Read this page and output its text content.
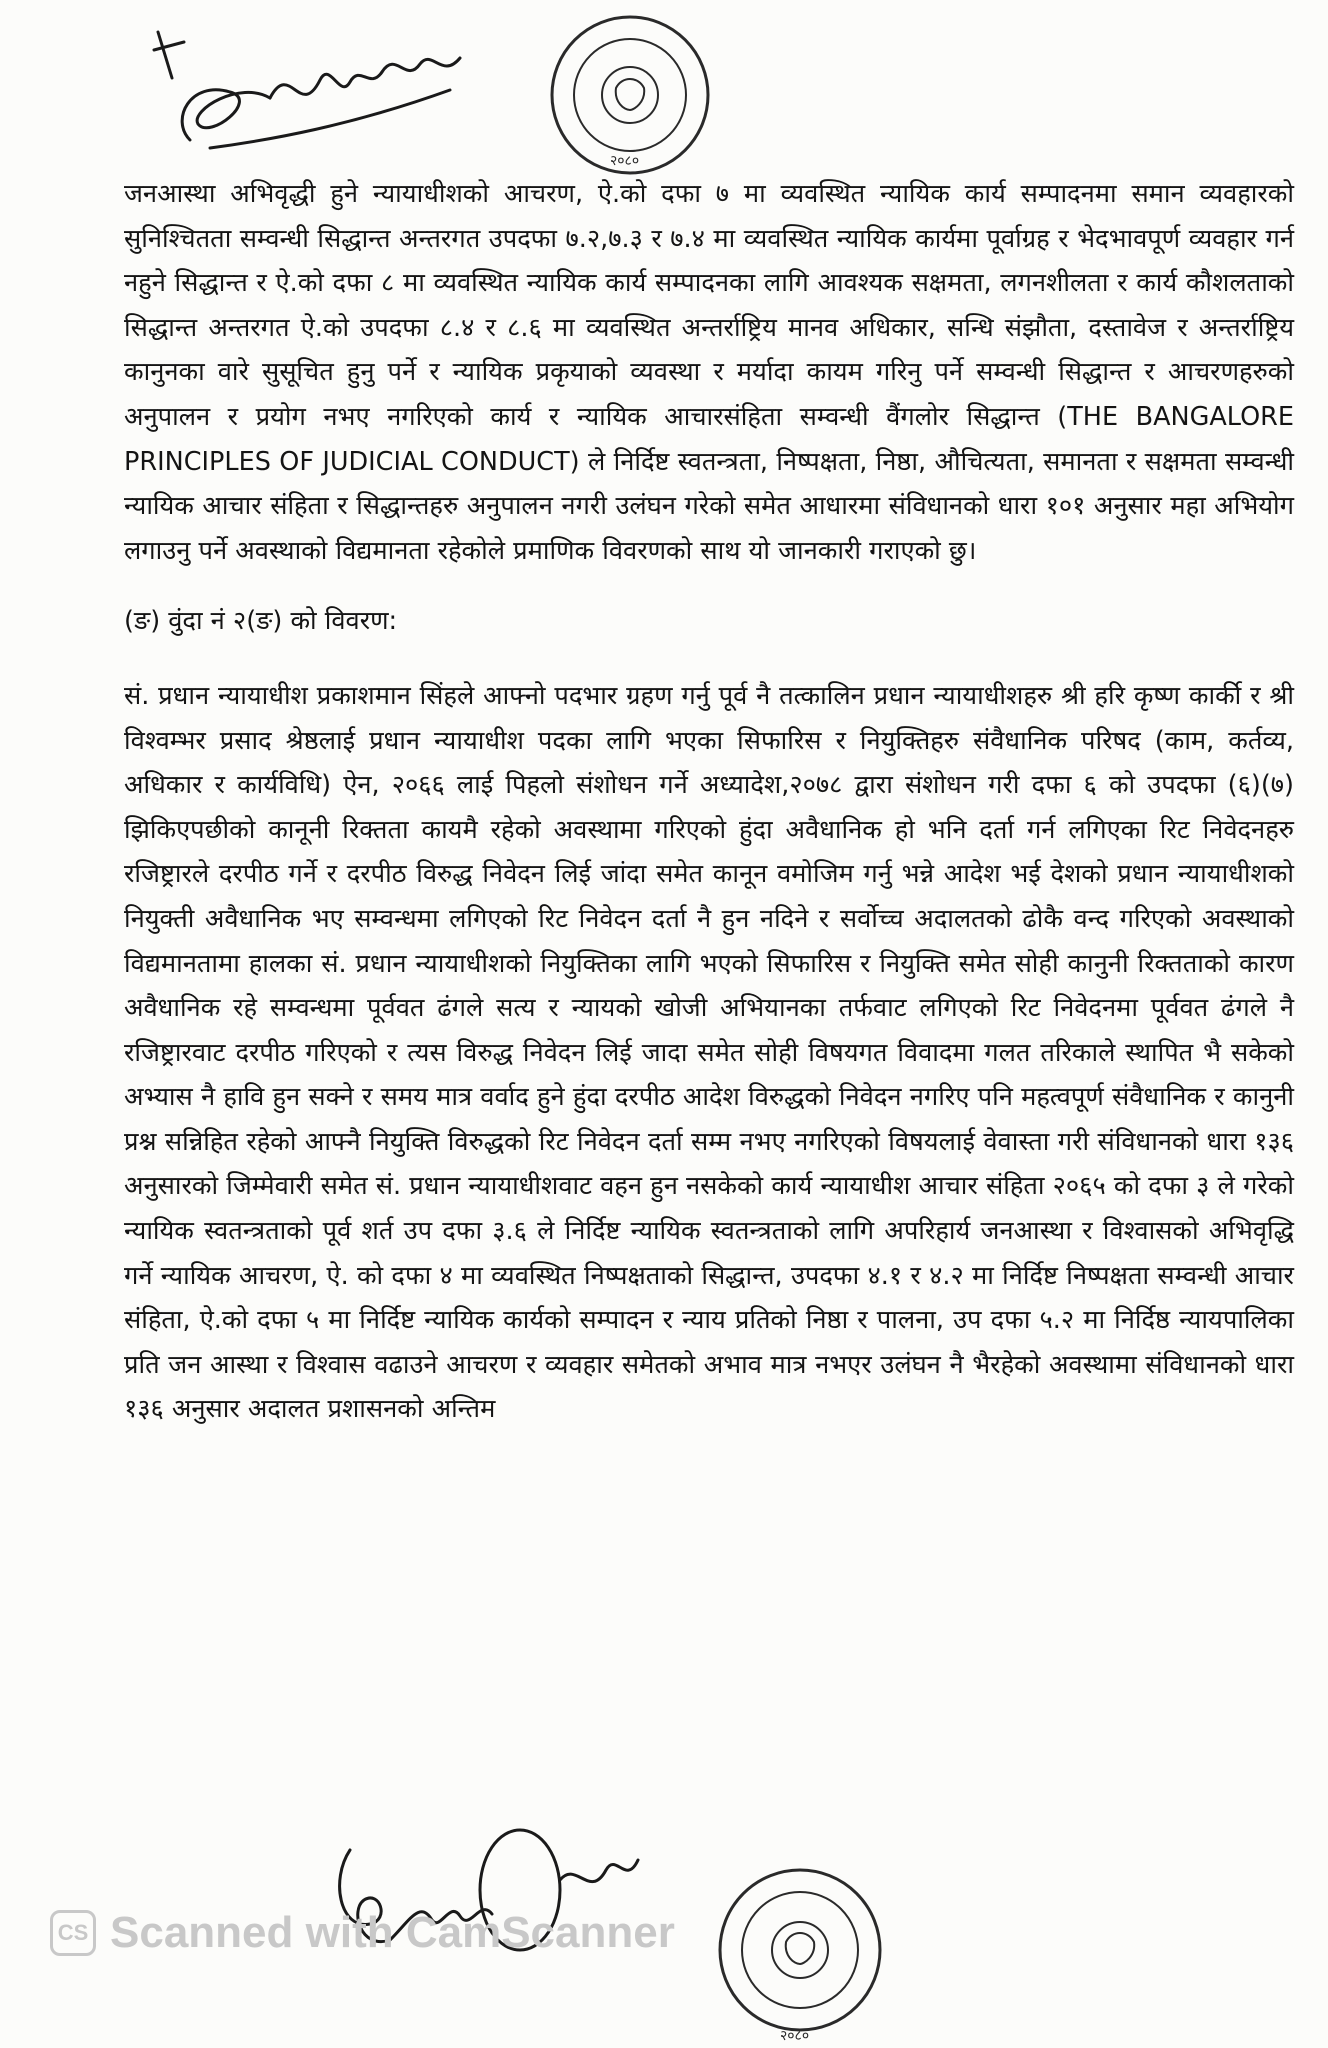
२०८०

जनआस्था अभिवृद्धी हुने न्यायाधीशको आचरण, ऐ.को दफा ७ मा व्यवस्थित न्यायिक कार्य सम्पादनमा समान व्यवहारको सुनिश्चितता सम्वन्धी सिद्धान्त अन्तरगत उपदफा ७.२,७.३ र ७.४ मा व्यवस्थित न्यायिक कार्यमा पूर्वाग्रह र भेदभावपूर्ण व्यवहार गर्न नहुने सिद्धान्त र ऐ.को दफा ८ मा व्यवस्थित न्यायिक कार्य सम्पादनका लागि आवश्यक सक्षमता, लगनशीलता र कार्य कौशलताको सिद्धान्त अन्तरगत ऐ.को उपदफा ८.४ र ८.६ मा व्यवस्थित अन्तर्राष्ट्रिय मानव अधिकार, सन्धि संझौता, दस्तावेज र अन्तर्राष्ट्रिय कानुनका वारे सुसूचित हुनु पर्ने र न्यायिक प्रकृयाको व्यवस्था र मर्यादा कायम गरिनु पर्ने सम्वन्धी सिद्धान्त र आचरणहरुको अनुपालन र प्रयोग नभए नगरिएको कार्य र न्यायिक आचारसंहिता सम्वन्धी वैंगलोर सिद्धान्त (THE BANGALORE PRINCIPLES OF JUDICIAL CONDUCT) ले निर्दिष्ट स्वतन्त्रता, निष्पक्षता, निष्ठा, औचित्यता, समानता र सक्षमता सम्वन्धी न्यायिक आचार संहिता र सिद्धान्तहरु अनुपालन नगरी उलंघन गरेको समेत आधारमा संविधानको धारा १०१ अनुसार महा अभियोग लगाउनु पर्ने अवस्थाको विद्यमानता रहेकोले प्रमाणिक विवरणको साथ यो जानकारी गराएको छु।

(ङ) वुंदा नं २(ङ) को विवरण:

सं. प्रधान न्यायाधीश प्रकाशमान सिंहले आफ्नो पदभार ग्रहण गर्नु पूर्व नै तत्कालिन प्रधान न्यायाधीशहरु श्री हरि कृष्ण कार्की र श्री विश्वम्भर प्रसाद श्रेष्ठलाई प्रधान न्यायाधीश पदका लागि भएका सिफारिस र नियुक्तिहरु संवैधानिक परिषद (काम, कर्तव्य, अधिकार र कार्यविधि) ऐन, २०६६ लाई पिहलो संशोधन गर्ने अध्यादेश,२०७८ द्वारा संशोधन गरी दफा ६ को उपदफा (६)(७) झिकिएपछीको कानूनी रिक्तता कायमै रहेको अवस्थामा गरिएको हुंदा अवैधानिक हो भनि दर्ता गर्न लगिएका रिट निवेदनहरु रजिष्ट्रारले दरपीठ गर्ने र दरपीठ विरुद्ध निवेदन लिई जांदा समेत कानून वमोजिम गर्नु भन्ने आदेश भई देशको प्रधान न्यायाधीशको नियुक्ती अवैधानिक भए सम्वन्धमा लगिएको रिट निवेदन दर्ता नै हुन नदिने र सर्वोच्च अदालतको ढोकै वन्द गरिएको अवस्थाको विद्यमानतामा हालका सं. प्रधान न्यायाधीशको नियुक्तिका लागि भएको सिफारिस र नियुक्ति समेत सोही कानुनी रिक्तताको कारण अवैधानिक रहे सम्वन्धमा पूर्ववत ढंगले सत्य र न्यायको खोजी अभियानका तर्फवाट लगिएको रिट निवेदनमा पूर्ववत ढंगले नै रजिष्ट्रारवाट दरपीठ गरिएको र त्यस विरुद्ध निवेदन लिई जादा समेत सोही विषयगत विवादमा गलत तरिकाले स्थापित भै सकेको अभ्यास नै हावि हुन सक्ने र समय मात्र वर्वाद हुने हुंदा दरपीठ आदेश विरुद्धको निवेदन नगरिए पनि महत्वपूर्ण संवैधानिक र कानुनी प्रश्न सन्निहित रहेको आफ्नै नियुक्ति विरुद्धको रिट निवेदन दर्ता सम्म नभए नगरिएको विषयलाई वेवास्ता गरी संविधानको धारा १३६ अनुसारको जिम्मेवारी समेत सं. प्रधान न्यायाधीशवाट वहन हुन नसकेको कार्य न्यायाधीश आचार संहिता २०६५ को दफा ३ ले गरेको न्यायिक स्वतन्त्रताको पूर्व शर्त उप दफा ३.६ ले निर्दिष्ट न्यायिक स्वतन्त्रताको लागि अपरिहार्य जनआस्था र विश्वासको अभिवृद्धि गर्ने न्यायिक आचरण, ऐ. को दफा ४ मा व्यवस्थित निष्पक्षताको सिद्धान्त, उपदफा ४.१ र ४.२ मा निर्दिष्ट निष्पक्षता सम्वन्धी आचार संहिता, ऐ.को दफा ५ मा निर्दिष्ट न्यायिक कार्यको सम्पादन र न्याय प्रतिको निष्ठा र पालना, उप दफा ५.२ मा निर्दिष्ठ न्यायपालिका प्रति जन आस्था र विश्वास वढाउने आचरण र व्यवहार समेतको अभाव मात्र नभएर उलंघन नै भैरहेको अवस्थामा संविधानको धारा १३६ अनुसार अदालत प्रशासनको अन्तिम

२०८०
CS Scanned with CamScanner
